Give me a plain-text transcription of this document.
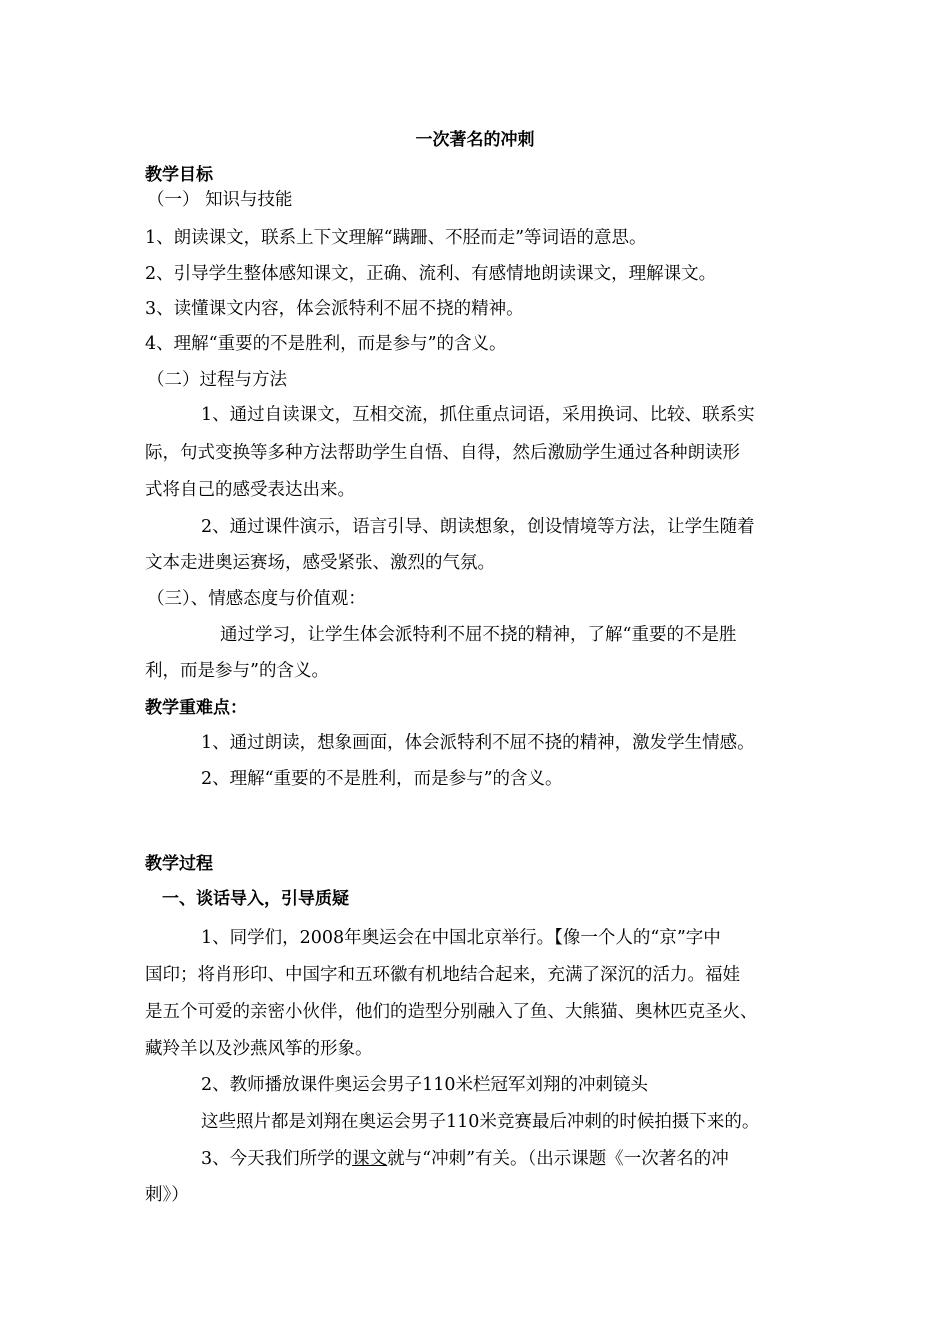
一次著名的冲刺
教学目标
（一） 知识与技能
1、朗读课文，联系上下文理解“蹒跚、不胫而走”等词语的意思。
2、引导学生整体感知课文，正确、流利、有感情地朗读课文，理解课文。
3、读懂课文内容，体会派特利不屈不挠的精神。
4、理解“重要的不是胜利，而是参与”的含义。
（二）过程与方法
1、通过自读课文，互相交流，抓住重点词语，采用换词、比较、联系实
际，句式变换等多种方法帮助学生自悟、自得，然后激励学生通过各种朗读形
式将自己的感受表达出来。
2、通过课件演示，语言引导、朗读想象，创设情境等方法，让学生随着
文本走进奥运赛场，感受紧张、激烈的气氛。
（三）、情感态度与价值观：
通过学习，让学生体会派特利不屈不挠的精神，了解“重要的不是胜
利，而是参与”的含义。
教学重难点：
1、通过朗读，想象画面，体会派特利不屈不挠的精神，激发学生情感。
2、理解“重要的不是胜利，而是参与”的含义。
教学过程
一、谈话导入，引导质疑
1、同学们，2008年奥运会在中国北京举行。【像一个人的“京”字中
国印；将肖形印、中国字和五环徽有机地结合起来，充满了深沉的活力。福娃
是五个可爱的亲密小伙伴，他们的造型分别融入了鱼、大熊猫、奥林匹克圣火、
藏羚羊以及沙燕风筝的形象。
2、教师播放课件奥运会男子110米栏冠军刘翔的冲刺镜头
这些照片都是刘翔在奥运会男子110米竞赛最后冲刺的时候拍摄下来的。
3、今天我们所学的课文就与“冲刺”有关。（出示课题《一次著名的冲
刺》）
